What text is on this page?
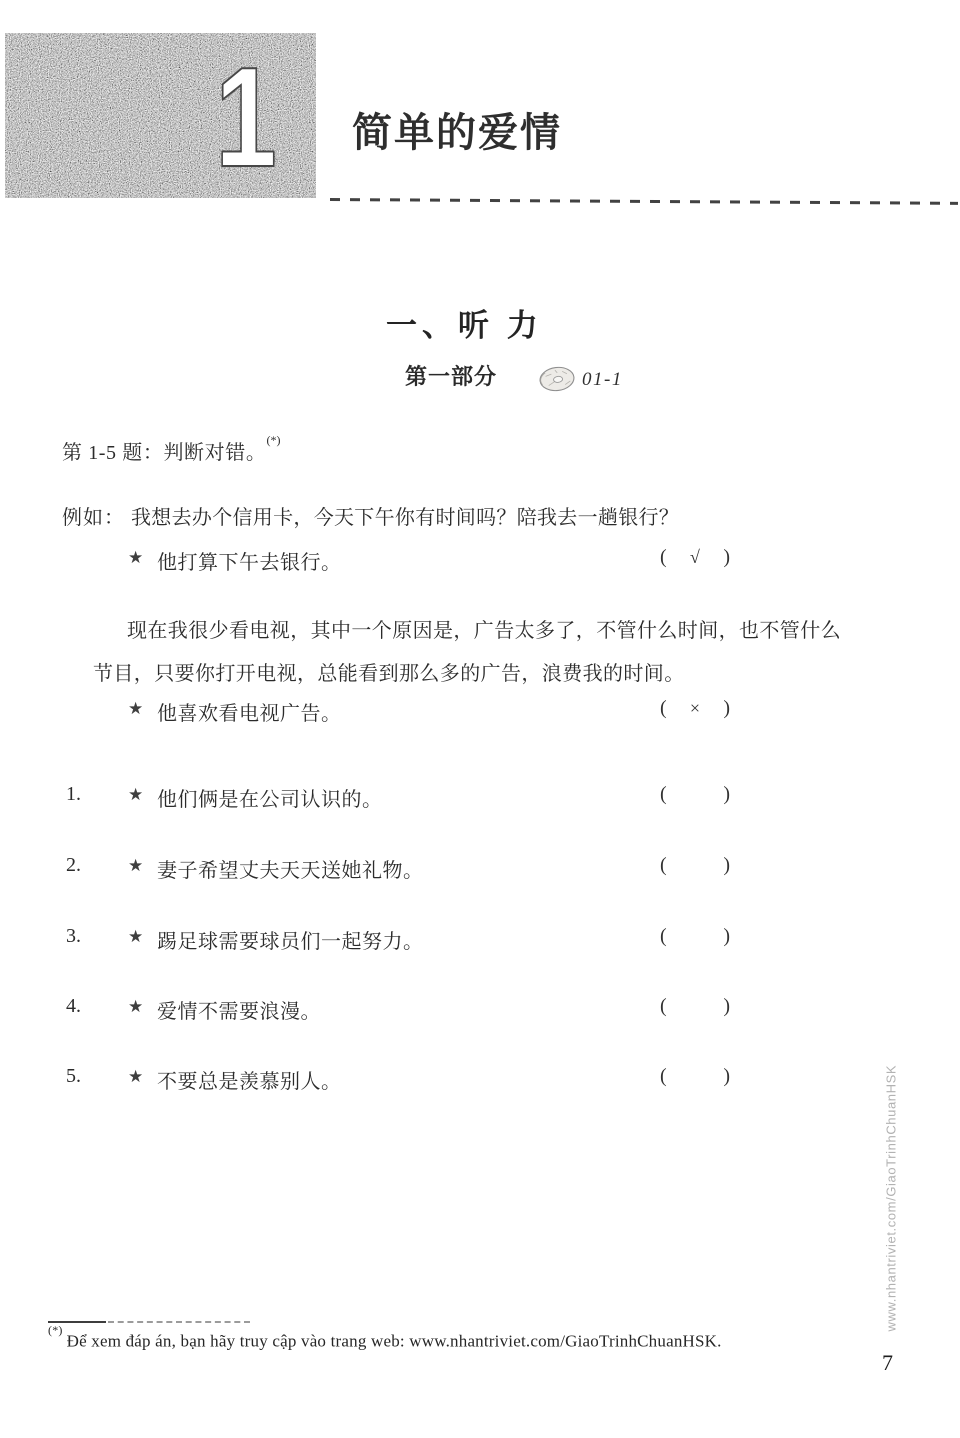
1 简单的爱情
一、听 力
第一部分	01-1
第 1-5 题：判断对错。(*)
例如： 我想去办个信用卡，今天下午你有时间吗？陪我去一趟银行？
★ 他打算下午去银行。	( √ )
现在我很少看电视，其中一个原因是，广告太多了，不管什么时间，也不管什么
节目，只要你打开电视，总能看到那么多的广告，浪费我的时间。
★ 他喜欢看电视广告。	( × )
1.	★ 他们俩是在公司认识的。	(	)
2.	★ 妻子希望丈夫天天送她礼物。	(	)
3.	★ 踢足球需要球员们一起努力。	(	)
4.	★ 爱情不需要浪漫。	(	)
5.	★ 不要总是羡慕别人。	(	)	www.nhantriviet.com/GiaoTrinhChuanHSK
(*)Để xem đáp án, bạn hãy truy cập vào trang web: www.nhantriviet.com/GiaoTrinhChuanHSK.
7
